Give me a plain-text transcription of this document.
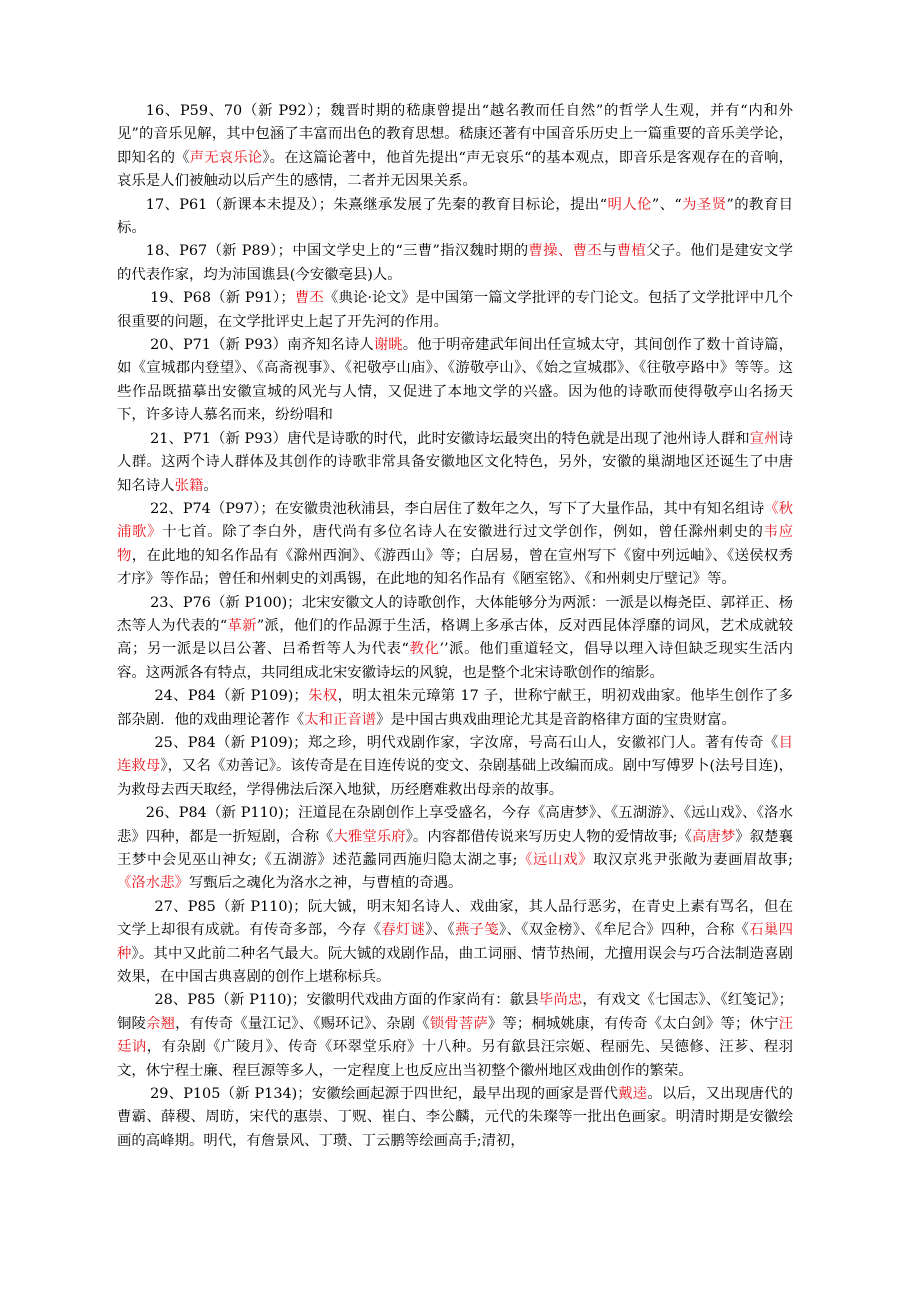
16、P59、70（新 P92）；魏晋时期的嵇康曾提出“越名教而任自然”的哲学人生观，并有“内和外见”的音乐见解，其中包涵了丰富而出色的教育思想。嵇康还著有中国音乐历史上一篇重要的音乐美学论，即知名的《声无哀乐论》。在这篇论著中，他首先提出“声无哀乐“的基本观点，即音乐是客观存在的音响，哀乐是人们被触动以后产生的感情，二者并无因果关系。

17、P61（新课本未提及）；朱熹继承发展了先秦的教育目标论，提出“明人伦”、“为圣贤”的教育目标。

18、P67（新 P89）；中国文学史上的“三曹”指汉魏时期的曹操、曹丕与曹植父子。他们是建安文学的代表作家，均为沛国谯县(今安徽亳县)人。

19、P68（新 P91）；曹丕《典论·论文》是中国第一篇文学批评的专门论文。包括了文学批评中几个很重要的问题，在文学批评史上起了开先河的作用。

20、P71（新 P93）南齐知名诗人谢眺。他于明帝建武年间出任宣城太守，其间创作了数十首诗篇，如《宣城郡内登望》、《高斋视事》、《祀敬亭山庙》、《游敬亭山》、《始之宣城郡》、《往敬亭路中》等等。这些作品既描摹出安徽宣城的风光与人情，又促进了本地文学的兴盛。因为他的诗歌而使得敬亭山名扬天下，许多诗人慕名而来，纷纷唱和

21、P71（新 P93）唐代是诗歌的时代，此时安徽诗坛最突出的特色就是出现了池州诗人群和宣州诗人群。这两个诗人群体及其创作的诗歌非常具备安徽地区文化特色，另外，安徽的巢湖地区还诞生了中唐知名诗人张籍。

22、P74（P97）；在安徽贵池秋浦县，李白居住了数年之久，写下了大量作品，其中有知名组诗《秋浦歌》十七首。除了李白外，唐代尚有多位名诗人在安徽进行过文学创作，例如，曾任滁州刺史的韦应物，在此地的知名作品有《滁州西涧》、《游西山》等；白居易，曾在宣州写下《窗中列远岫》、《送侯权秀才序》等作品；曾任和州刺史的刘禹锡，在此地的知名作品有《陋室铭》、《和州刺史厅壁记》等。

23、P76（新 P100)；北宋安徽文人的诗歌创作，大体能够分为两派：一派是以梅尧臣、郭祥正、杨杰等人为代表的“革新”派，他们的作品源于生活，格调上多承古体，反对西昆体浮靡的词风，艺术成就较高；另一派是以吕公著、吕希哲等人为代表“教化’’派。他们重道轻文，倡导以理入诗但缺乏现实生活内容。这两派各有特点，共同组成北宋安徽诗坛的风貌，也是整个北宋诗歌创作的缩影。

24、P84（新 P109)；朱权，明太祖朱元璋第 17 子，世称宁献王，明初戏曲家。他毕生创作了多部杂剧．他的戏曲理论著作《太和正音谱》是中国古典戏曲理论尤其是音韵格律方面的宝贵财富。

25、P84（新 P109)；郑之珍，明代戏剧作家，字汝席，号高石山人，安徽祁门人。著有传奇《目连救母》，又名《劝善记》。该传奇是在目连传说的变文、杂剧基础上改编而成。剧中写傅罗卜(法号目连)，为救母去西天取经，学得佛法后深入地狱，历经磨难救出母亲的故事。

26、P84（新 P110)；汪道昆在杂剧创作上享受盛名，今存《高唐梦》、《五湖游》、《远山戏》、《洛水悲》四种，都是一折短剧，合称《大雅堂乐府》。内容都借传说来写历史人物的爱情故事;《高唐梦》叙楚襄王梦中会见巫山神女;《五湖游》述范蠡同西施归隐太湖之事;《远山戏》取汉京兆尹张敞为妻画眉故事;《洛水悲》写甄后之魂化为洛水之神，与曹植的奇遇。

27、P85（新 P110)；阮大铖，明末知名诗人、戏曲家，其人品行恶劣，在青史上素有骂名，但在文学上却很有成就。有传奇多部，今存《春灯谜》、《燕子笺》、《双金榜》、《牟尼合》四种，合称《石巢四种》。其中又此前二种名气最大。阮大铖的戏剧作品，曲工词丽、情节热闹，尤擅用误会与巧合法制造喜剧效果，在中国古典喜剧的创作上堪称标兵。

28、P85（新 P110)；安徽明代戏曲方面的作家尚有：歙县毕尚忠，有戏文《七国志》、《红笺记》；铜陵佘翘，有传奇《量江记》、《赐环记》、杂剧《锁骨菩萨》等；桐城姚康，有传奇《太白剑》等；休宁汪廷讷，有杂剧《广陵月》、传奇《环翠堂乐府》十八种。另有歙县汪宗姬、程丽先、吴德修、汪芗、程羽文，休宁程士廉、程巨源等多人，一定程度上也反应出当初整个徽州地区戏曲创作的繁荣。

29、P105（新 P134)；安徽绘画起源于四世纪，最早出现的画家是晋代戴逵。以后，又出现唐代的曹霸、薛稷、周昉，宋代的惠崇、丁贶、崔白、李公麟，元代的朱璨等一批出色画家。明清时期是安徽绘画的高峰期。明代，有詹景风、丁瓒、丁云鹏等绘画高手;清初，
